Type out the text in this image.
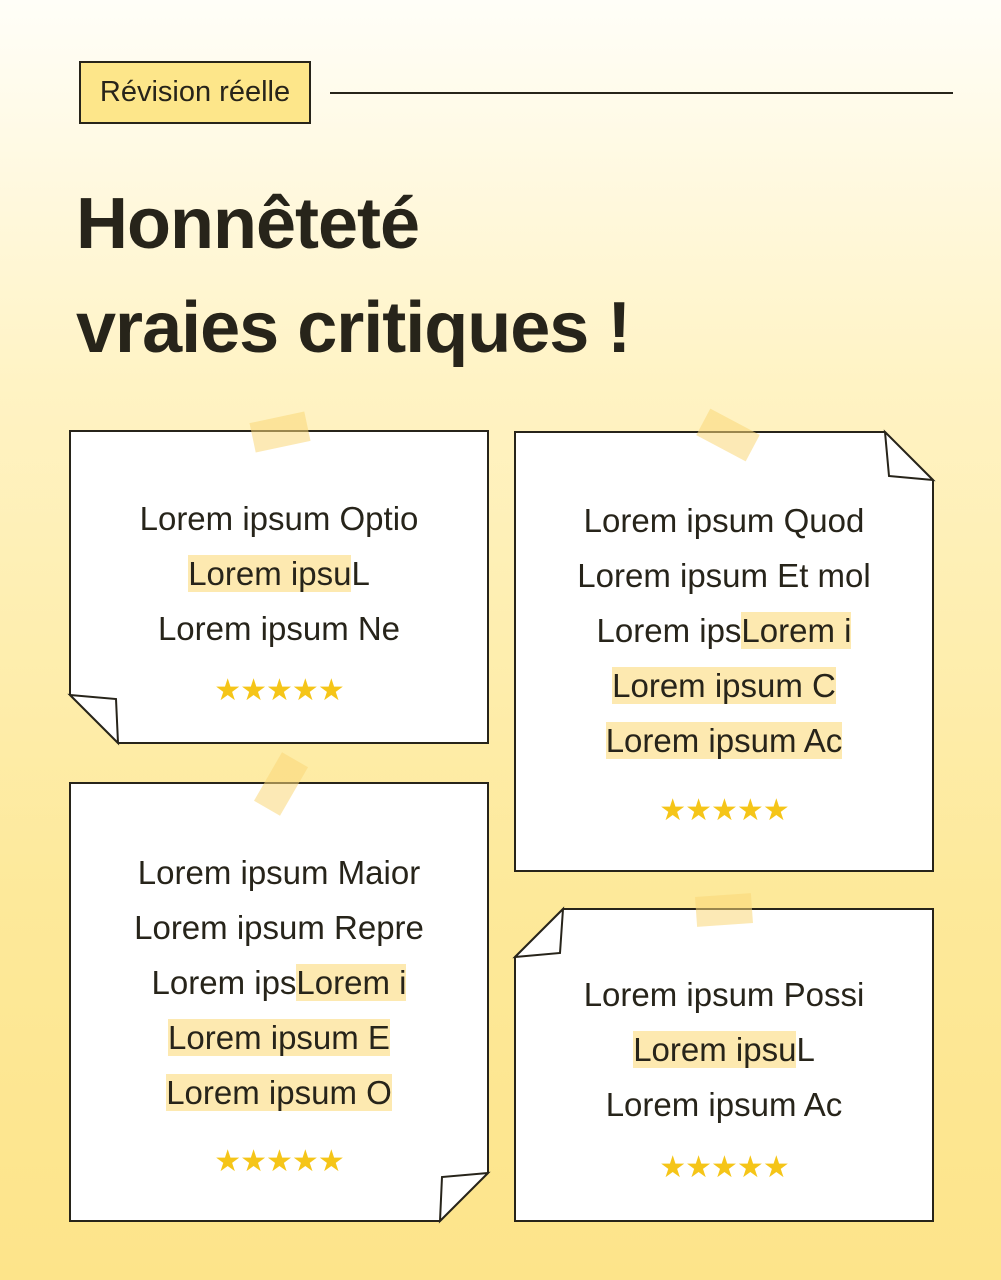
Révision réelle
Honnêteté
vraies critiques !
Lorem ipsum Optio
Lorem ipsuL
Lorem ipsum Ne
★★★★★
Lorem ipsum Quod
Lorem ipsum Et mol
Lorem ipsLorem i
Lorem ipsum C
Lorem ipsum Ac
★★★★★
Lorem ipsum Maior
Lorem ipsum Repre
Lorem ipsLorem i
Lorem ipsum E
Lorem ipsum O
★★★★★
Lorem ipsum Possi
Lorem ipsuL
Lorem ipsum Ac
★★★★★
